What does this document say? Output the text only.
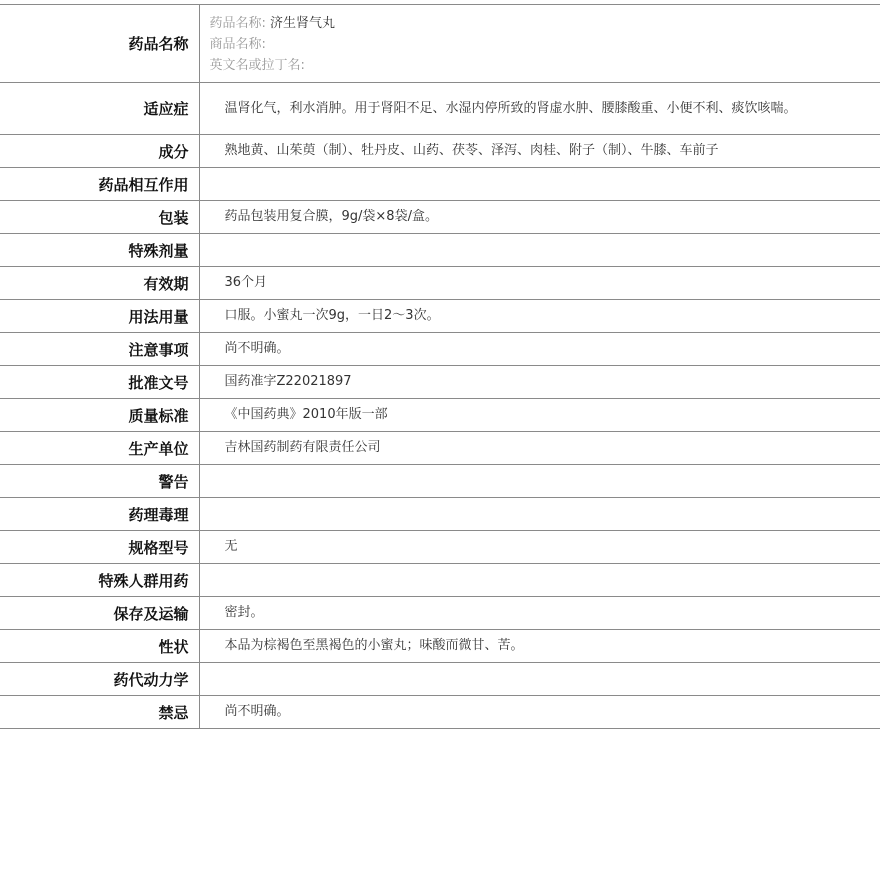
药品名称	药品名称: 济生肾气丸
商品名称:
英文名或拉丁名:

适应症	温肾化气，利水消肿。用于肾阳不足、水湿内停所致的肾虚水肿、腰膝酸重、小便不利、痰饮咳喘。
成分	熟地黄、山茱萸（制）、牡丹皮、山药、茯苓、泽泻、肉桂、附子（制）、牛膝、车前子
药品相互作用	
包装	药品包装用复合膜，9g/袋×8袋/盒。
特殊剂量	
有效期	36个月
用法用量	口服。小蜜丸一次9g，一日2～3次。
注意事项	尚不明确。
批准文号	国药准字Z22021897
质量标准	《中国药典》2010年版一部
生产单位	吉林国药制药有限责任公司
警告	
药理毒理	
规格型号	无
特殊人群用药	
保存及运输	密封。
性状	本品为棕褐色至黑褐色的小蜜丸；味酸而微甘、苦。
药代动力学	
禁忌	尚不明确。
